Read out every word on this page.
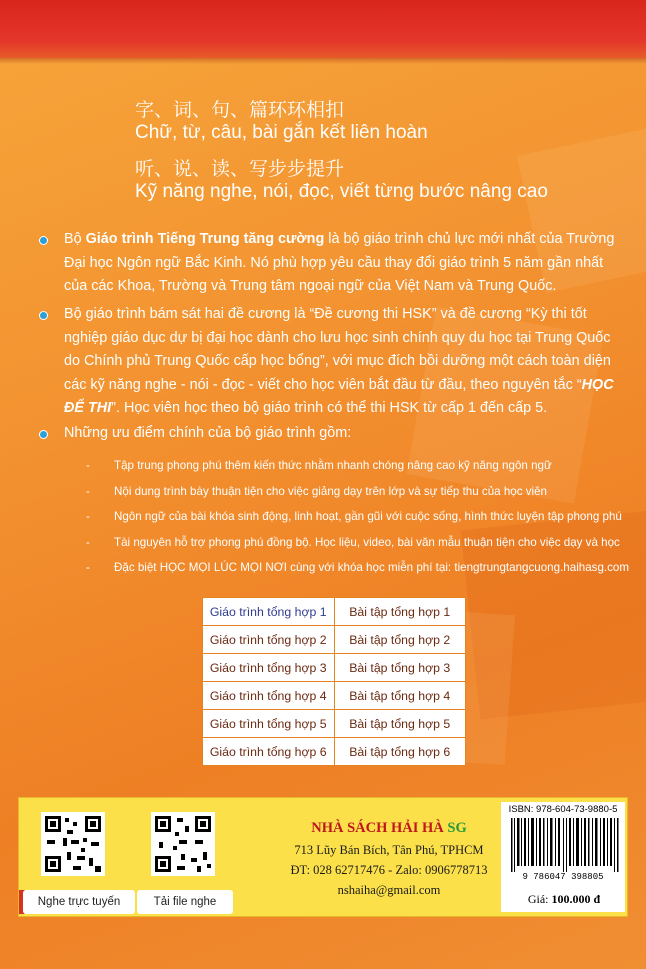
字、词、句、篇环环相扣
Chữ, từ, câu, bài gắn kết liên hoàn
听、说、读、写步步提升
Kỹ năng nghe, nói, đọc, viết từng bước nâng cao
Bộ Giáo trình Tiếng Trung tăng cường là bộ giáo trình chủ lực mới nhất của Trường Đại học Ngôn ngữ Bắc Kinh. Nó phù hợp yêu cầu thay đổi giáo trình 5 năm gần nhất của các Khoa, Trường và Trung tâm ngoại ngữ của Việt Nam và Trung Quốc.
Bộ giáo trình bám sát hai đề cương là “Đề cương thi HSK” và đề cương “Kỳ thi tốt nghiệp giáo dục dự bị đại học dành cho lưu học sinh chính quy du học tại Trung Quốc do Chính phủ Trung Quốc cấp học bổng”, với mục đích bồi dưỡng một cách toàn diện các kỹ năng nghe - nói - đọc - viết cho học viên bắt đầu từ đầu, theo nguyên tắc “HỌC ĐỂ THI”. Học viên học theo bộ giáo trình có thể thi HSK từ cấp 1 đến cấp 5.
Những ưu điểm chính của bộ giáo trình gồm:
- Tập trung phong phú thêm kiến thức nhằm nhanh chóng nâng cao kỹ năng ngôn ngữ
- Nội dung trình bày thuận tiện cho việc giảng dạy trên lớp và sự tiếp thu của học viên
- Ngôn ngữ của bài khóa sinh động, linh hoạt, gần gũi với cuộc sống, hình thức luyện tập phong phú
- Tài nguyên hỗ trợ phong phú đồng bộ. Học liệu, video, bài văn mẫu thuận tiện cho việc dạy và học
- Đặc biệt HỌC MỌI LÚC MỌI NƠI cùng với khóa học miễn phí tại: tiengtrungtangcuong.haihasg.com
Giáo trình tổng hợp 1	Bài tập tổng hợp 1
Giáo trình tổng hợp 2	Bài tập tổng hợp 2
Giáo trình tổng hợp 3	Bài tập tổng hợp 3
Giáo trình tổng hợp 4	Bài tập tổng hợp 4
Giáo trình tổng hợp 5	Bài tập tổng hợp 5
Giáo trình tổng hợp 6	Bài tập tổng hợp 6
Nghe trực tuyến	Tải file nghe
NHÀ SÁCH HẢI HÀ SG
713 Lũy Bán Bích, Tân Phú, TPHCM
ĐT: 028 62717476 - Zalo: 0906778713
nshaiha@gmail.com
ISBN: 978-604-73-9880-5
9 786047 398805
Giá: 100.000 đ
